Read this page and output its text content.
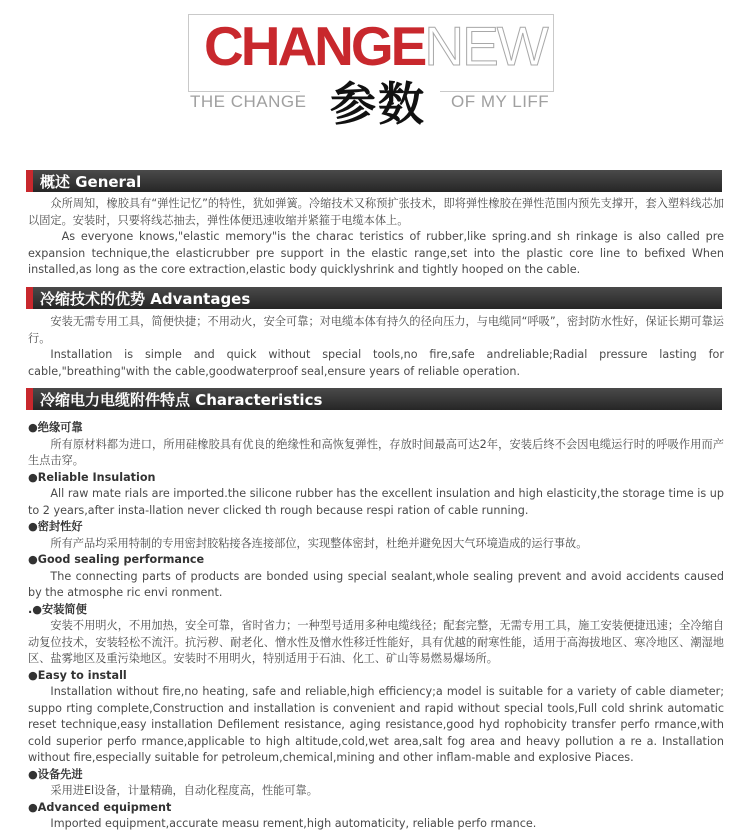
CHANGENEW
THE CHANGE 参数 OF MY LIFF
概述 General

众所周知，橡胶具有“弹性记忆”的特性，犹如弹簧。冷缩技术又称预扩张技术，即将弹性橡胶在弹性范围内预先支撑开，套入塑料线芯加以固定。安装时，只要将线芯抽去，弹性体便迅速收缩并紧箍于电缆本体上。

As everyone knows,"elastic memory"is the charac teristics of rubber,like spring.and sh rinkage is also called pre expansion technique,the elasticrubber pre support in the elastic range,set into the plastic core line to befixed When installed,as long as the core extraction,elastic body quicklyshrink and tightly hooped on the cable.

冷缩技术的优势 Advantages

安装无需专用工具，简便快捷；不用动火，安全可靠；对电缆本体有持久的径向压力，与电缆同“呼吸”，密封防水性好，保证长期可靠运行。

Installation is simple and quick without special tools,no fire,safe andreliable;Radial pressure lasting for cable,"breathing"with the cable,goodwaterproof seal,ensure years of reliable operation.

冷缩电力电缆附件特点 Characteristics

●绝缘可靠

所有原材料都为进口，所用硅橡胶具有优良的绝缘性和高恢复弹性，存放时间最高可达2年，安装后终不会因电缆运行时的呼吸作用而产生点击穿。

●Reliable Insulation

All raw mate rials are imported.the silicone rubber has the excellent insulation and high elasticity,the storage time is up to 2 years,after insta-llation never clicked th rough because respi ration of cable running.

●密封性好

所有产品均采用特制的专用密封胶粘接各连接部位，实现整体密封，杜绝并避免因大气环境造成的运行事故。

●Good sealing performance

The connecting parts of products are bonded using special sealant,whole sealing prevent and avoid accidents caused by the atmosphe ric envi ronment.

.●安装简便

安装不用明火，不用加热，安全可靠，省时省力；一种型号适用多种电缆线径；配套完整，无需专用工具，施工安装便捷迅速；全冷缩自动复位技术，安装轻松不流汗。抗污秽、耐老化、憎水性及憎水性移迁性能好，具有优越的耐寒性能，适用于高海拔地区、寒冷地区、潮湿地区、盐雾地区及重污染地区。安装时不用明火，特别适用于石油、化工、矿山等易燃易爆场所。

●Easy to install

Installation without fire,no heating, safe and reliable,high efficiency;a model is suitable for a variety of cable diameter; suppo rting complete,Construction and installation is convenient and rapid without special tools,Full cold shrink automatic reset technique,easy installation Defilement resistance, aging resistance,good hyd rophobicity transfer perfo rmance,with cold superior perfo rmance,applicable to high altitude,cold,wet area,salt fog area and heavy pollution a re a. Installation without fire,especially suitable for petroleum,chemical,mining and other inflam-mable and explosive Piaces.

●设备先进

采用进El设备，计量精确，自动化程度高，性能可靠。

●Advanced equipment

Imported equipment,accurate measu rement,high automaticity, reliable perfo rmance.
